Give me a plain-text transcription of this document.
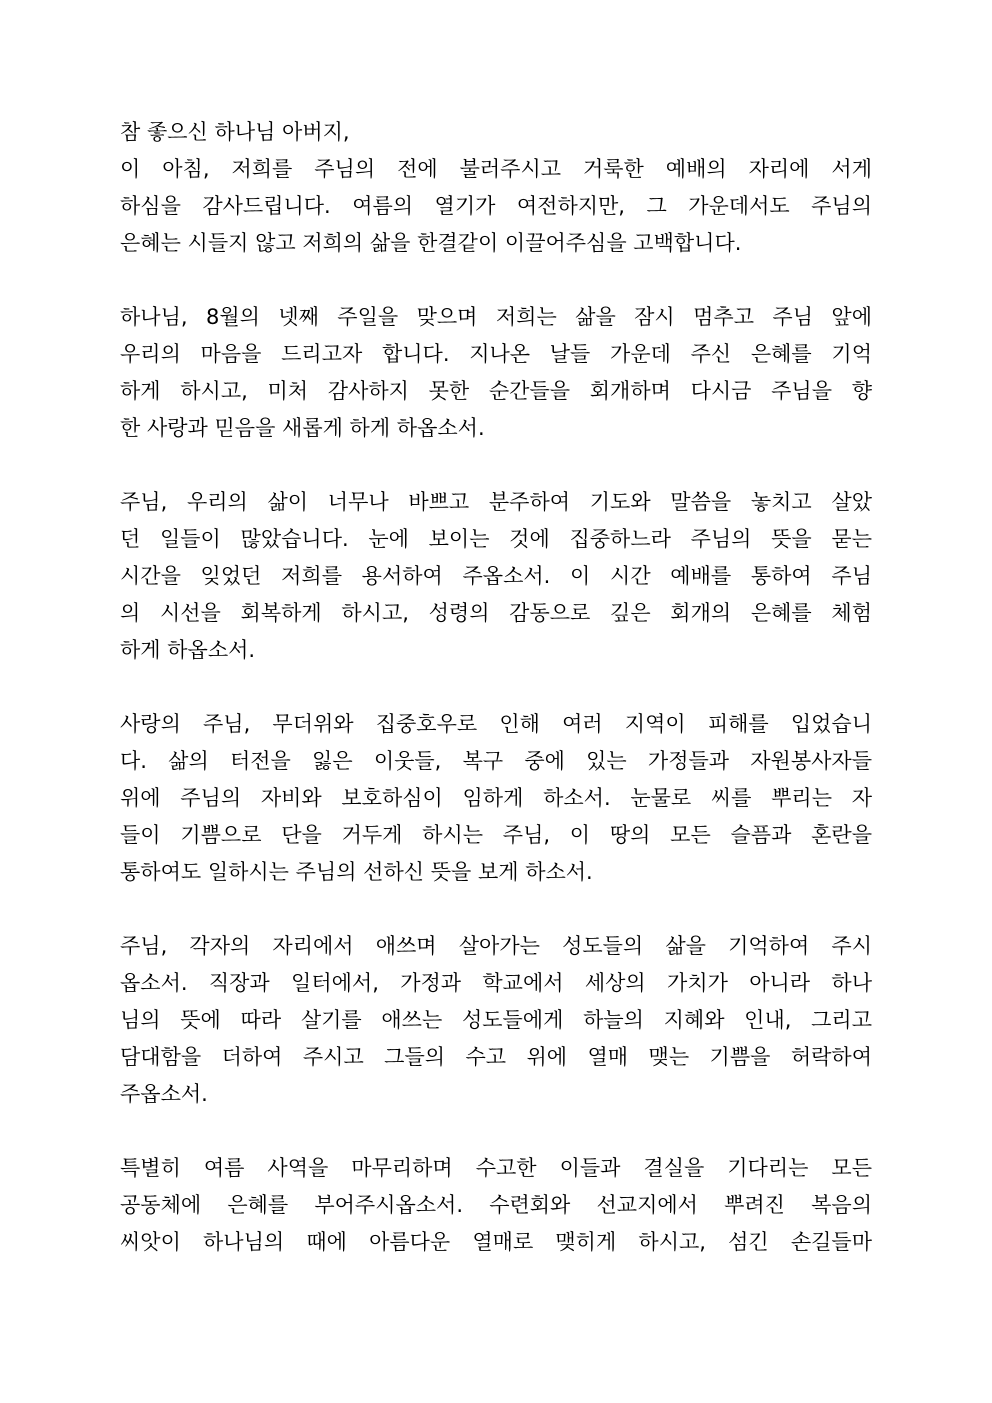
참 좋으신 하나님 아버지,
이 아침, 저희를 주님의 전에 불러주시고 거룩한 예배의 자리에 서게
하심을 감사드립니다. 여름의 열기가 여전하지만, 그 가운데서도 주님의
은혜는 시들지 않고 저희의 삶을 한결같이 이끌어주심을 고백합니다.
하나님, 8월의 넷째 주일을 맞으며 저희는 삶을 잠시 멈추고 주님 앞에
우리의 마음을 드리고자 합니다. 지나온 날들 가운데 주신 은혜를 기억
하게 하시고, 미처 감사하지 못한 순간들을 회개하며 다시금 주님을 향
한 사랑과 믿음을 새롭게 하게 하옵소서.
주님, 우리의 삶이 너무나 바쁘고 분주하여 기도와 말씀을 놓치고 살았
던 일들이 많았습니다. 눈에 보이는 것에 집중하느라 주님의 뜻을 묻는
시간을 잊었던 저희를 용서하여 주옵소서. 이 시간 예배를 통하여 주님
의 시선을 회복하게 하시고, 성령의 감동으로 깊은 회개의 은혜를 체험
하게 하옵소서.
사랑의 주님, 무더위와 집중호우로 인해 여러 지역이 피해를 입었습니
다. 삶의 터전을 잃은 이웃들, 복구 중에 있는 가정들과 자원봉사자들
위에 주님의 자비와 보호하심이 임하게 하소서. 눈물로 씨를 뿌리는 자
들이 기쁨으로 단을 거두게 하시는 주님, 이 땅의 모든 슬픔과 혼란을
통하여도 일하시는 주님의 선하신 뜻을 보게 하소서.
주님, 각자의 자리에서 애쓰며 살아가는 성도들의 삶을 기억하여 주시
옵소서. 직장과 일터에서, 가정과 학교에서 세상의 가치가 아니라 하나
님의 뜻에 따라 살기를 애쓰는 성도들에게 하늘의 지혜와 인내, 그리고
담대함을 더하여 주시고 그들의 수고 위에 열매 맺는 기쁨을 허락하여
주옵소서.
특별히 여름 사역을 마무리하며 수고한 이들과 결실을 기다리는 모든
공동체에 은혜를 부어주시옵소서. 수련회와 선교지에서 뿌려진 복음의
씨앗이 하나님의 때에 아름다운 열매로 맺히게 하시고, 섬긴 손길들마
